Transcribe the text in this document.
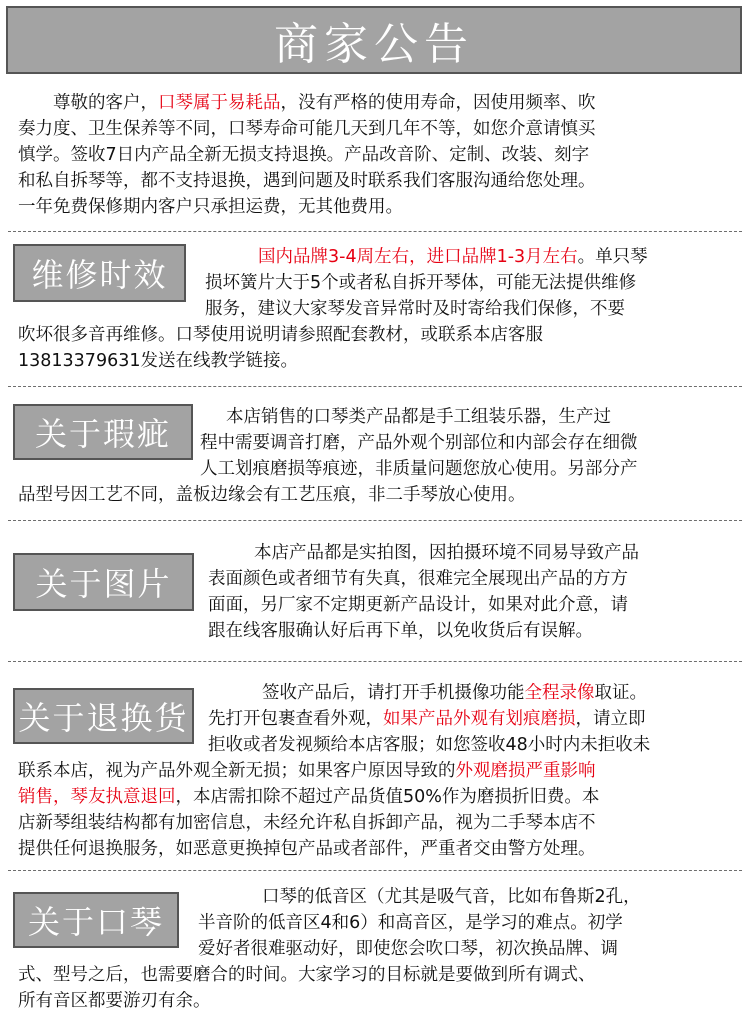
商家公告

　　尊敬的客户，口琴属于易耗品，没有严格的使用寿命，因使用频率、吹

奏力度、卫生保养等不同，口琴寿命可能几天到几年不等，如您介意请慎买

慎学。签收7日内产品全新无损支持退换。产品改音阶、定制、改装、刻字

和私自拆琴等，都不支持退换，遇到问题及时联系我们客服沟通给您处理。

一年免费保修期内客户只承担运费，无其他费用。

维修时效	国内品牌3-4周左右，进口品牌1-3月左右。单只琴

损坏簧片大于5个或者私自拆开琴体，可能无法提供维修

服务，建议大家琴发音异常时及时寄给我们保修，不要

吹坏很多音再维修。口琴使用说明请参照配套教材，或联系本店客服

13813379631发送在线教学链接。

关于瑕疵	本店销售的口琴类产品都是手工组装乐器，生产过

程中需要调音打磨，产品外观个别部位和内部会存在细微

人工划痕磨损等痕迹，非质量问题您放心使用。另部分产

品型号因工艺不同，盖板边缘会有工艺压痕，非二手琴放心使用。

关于图片

本店产品都是实拍图，因拍摄环境不同易导致产品

表面颜色或者细节有失真，很难完全展现出产品的方方

面面，另厂家不定期更新产品设计，如果对此介意，请

跟在线客服确认好后再下单，以免收货后有误解。

关于退换货

签收产品后，请打开手机摄像功能全程录像取证。

先打开包裹查看外观，如果产品外观有划痕磨损，请立即

拒收或者发视频给本店客服；如您签收48小时内未拒收未

联系本店，视为产品外观全新无损；如果客户原因导致的外观磨损严重影响

销售，琴友执意退回，本店需扣除不超过产品货值50%作为磨损折旧费。本

店新琴组装结构都有加密信息，未经允许私自拆卸产品，视为二手琴本店不

提供任何退换服务，如恶意更换掉包产品或者部件，严重者交由警方处理。

关于口琴

口琴的低音区（尤其是吸气音，比如布鲁斯2孔，

半音阶的低音区4和6）和高音区，是学习的难点。初学

爱好者很难驱动好，即使您会吹口琴，初次换品牌、调

式、型号之后，也需要磨合的时间。大家学习的目标就是要做到所有调式、

所有音区都要游刃有余。
